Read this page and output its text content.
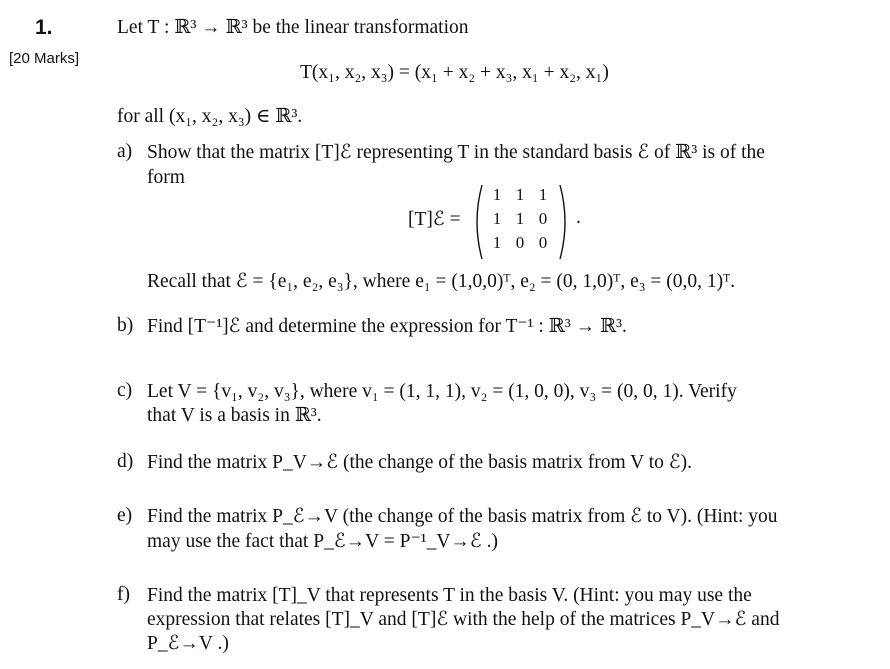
1.
[20 Marks]
Let T : ℝ³ → ℝ³ be the linear transformation
T(x₁, x₂, x₃) = (x₁ + x₂ + x₃, x₁ + x₂, x₁)
for all (x₁, x₂, x₃) ∈ ℝ³.
a) Show that the matrix [T]ℰ representing T in the standard basis ℰ of ℝ³ is of the
form
[T]ℰ =
1 1 1
1 1 0
1 0 0
.
Recall that ℰ = {e₁, e₂, e₃}, where e₁ = (1,0,0)ᵀ, e₂ = (0, 1,0)ᵀ, e₃ = (0,0, 1)ᵀ.
b) Find [T⁻¹]ℰ and determine the expression for T⁻¹ : ℝ³ → ℝ³.
c) Let V = {v₁, v₂, v₃}, where v₁ = (1, 1, 1), v₂ = (1, 0, 0), v₃ = (0, 0, 1). Verify
that V is a basis in ℝ³.
d) Find the matrix P_V→ℰ (the change of the basis matrix from V to ℰ).
e) Find the matrix P_ℰ→V (the change of the basis matrix from ℰ to V). (Hint: you
may use the fact that P_ℰ→V = P⁻¹_V→ℰ .)
f) Find the matrix [T]_V that represents T in the basis V. (Hint: you may use the
expression that relates [T]_V and [T]ℰ with the help of the matrices P_V→ℰ and
P_ℰ→V .)
